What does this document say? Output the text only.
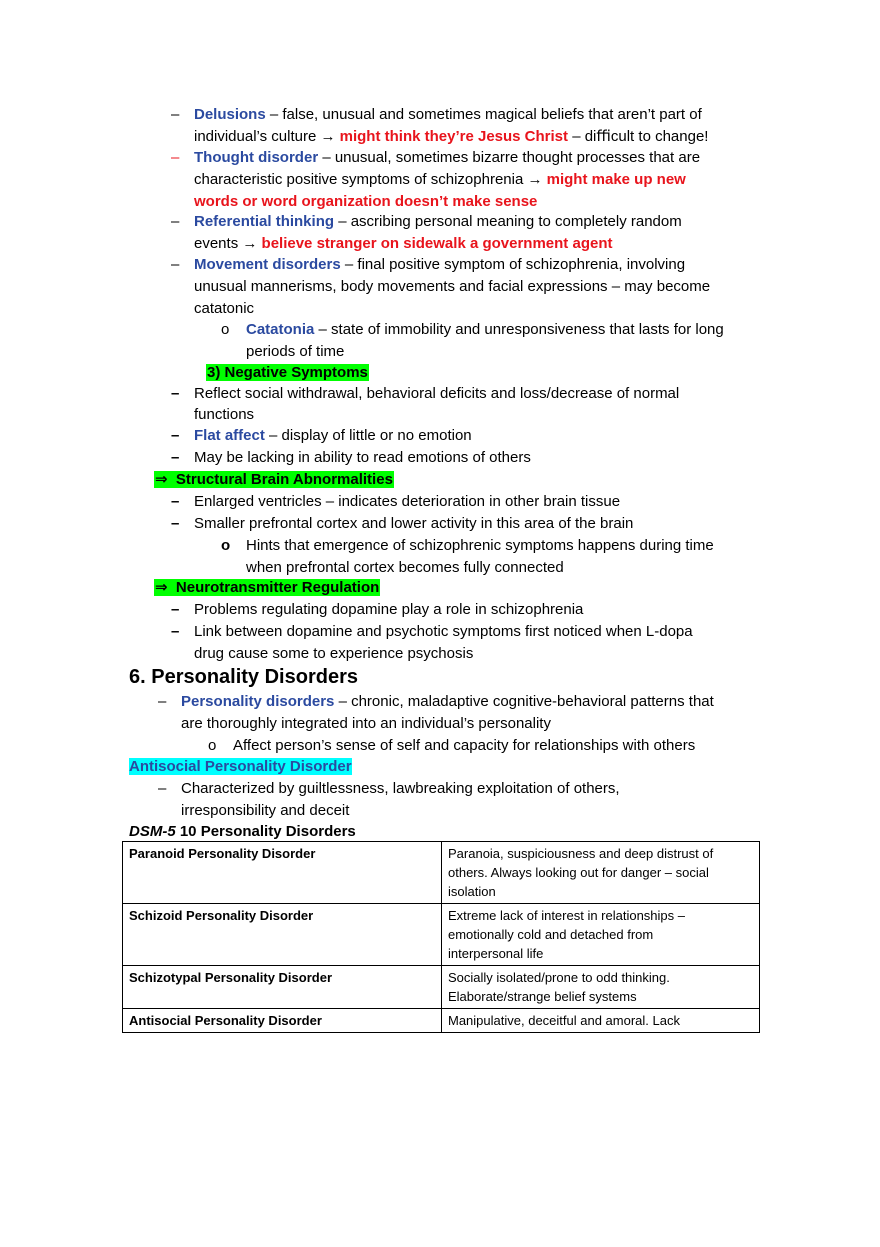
– Delusions – false, unusual and sometimes magical beliefs that aren’t part of
individual’s culture → might think they’re Jesus Christ – diﬃcult to change!
– Thought disorder – unusual, sometimes bizarre thought processes that are
characteristic positive symptoms of schizophrenia → might make up new
words or word organization doesn’t make sense
– Referential thinking – ascribing personal meaning to completely random
events → believe stranger on sidewalk a government agent
– Movement disorders – final positive symptom of schizophrenia, involving
unusual mannerisms, body movements and facial expressions – may become
catatonic
o Catatonia – state of immobility and unresponsiveness that lasts for long
periods of time
3) Negative Symptoms
– Reflect social withdrawal, behavioral deficits and loss/decrease of normal
functions
– Flat affect – display of little or no emotion
– May be lacking in ability to read emotions of others
⇒ Structural Brain Abnormalities
– Enlarged ventricles – indicates deterioration in other brain tissue
– Smaller prefrontal cortex and lower activity in this area of the brain
o Hints that emergence of schizophrenic symptoms happens during time
when prefrontal cortex becomes fully connected
⇒ Neurotransmitter Regulation
– Problems regulating dopamine play a role in schizophrenia
– Link between dopamine and psychotic symptoms first noticed when L‐dopa
drug cause some to experience psychosis
6. Personality Disorders
– Personality disorders – chronic, maladaptive cognitive‐behavioral patterns that
are thoroughly integrated into an individual’s personality
o Affect person’s sense of self and capacity for relationships with others
Antisocial Personality Disorder
– Characterized by guiltlessness, lawbreaking exploitation of others,
irresponsibility and deceit
DSM-5 10 Personality Disorders
Paranoid Personality Disorder	Paranoia, suspiciousness and deep distrust of
others. Always looking out for danger – social
isolation

Schizoid Personality Disorder	Extreme lack of interest in relationships –
emotionally cold and detached from
interpersonal life

Schizotypal Personality Disorder	Socially isolated/prone to odd thinking.
Elaborate/strange belief systems

Antisocial Personality Disorder	Manipulative, deceitful and amoral. Lack
